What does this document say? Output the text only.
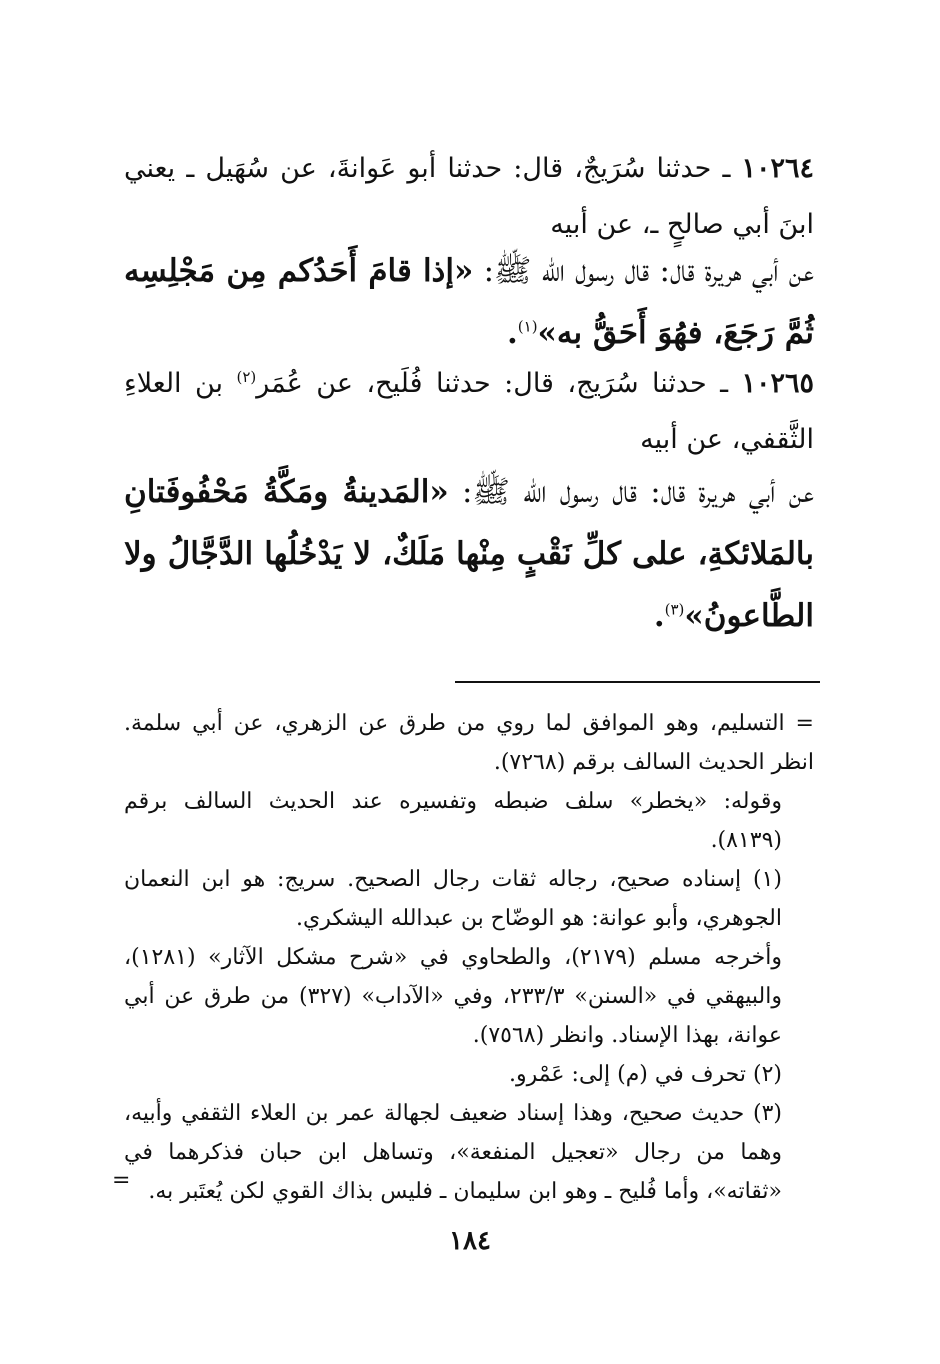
١٠٢٦٤ ـ حدثنا سُرَيجٌ، قال: حدثنا أبو عَوانةَ، عن سُهَيل ـ يعني ابنَ أبي صالحٍ ـ، عن أبيه

عن أبي هريرة قال: قال رسول الله ﷺ: «إذا قامَ أَحَدُكم مِن مَجْلِسِه ثُمَّ رَجَعَ، فهُوَ أَحَقُّ به»$^{(١)}$.

١٠٢٦٥ ـ حدثنا سُرَيج، قال: حدثنا فُلَيح، عن عُمَر$^{(٢)}$ بن العلاءِ الثَّقفي، عن أبيه

عن أبي هريرة قال: قال رسول الله ﷺ: «المَدينةُ ومَكَّةُ مَحْفُوفَتانِ بالمَلائكةِ، على كلِّ نَقْبٍ مِنْها مَلَكٌ، لا يَدْخُلُها الدَّجَّالُ ولا الطَّاعونُ»$^{(٣)}$.

= التسليم، وهو الموافق لما روي من طرق عن الزهري، عن أبي سلمة. انظر الحديث السالف برقم (٧٢٦٨).

وقوله: «يخطر» سلف ضبطه وتفسيره عند الحديث السالف برقم (٨١٣٩).

(١) إسناده صحيح، رجاله ثقات رجال الصحيح. سريج: هو ابن النعمان الجوهري، وأبو عوانة: هو الوضّاح بن عبدالله اليشكري.

وأخرجه مسلم (٢١٧٩)، والطحاوي في «شرح مشكل الآثار» (١٢٨١)، والبيهقي في «السنن» ٢٣٣/٣، وفي «الآداب» (٣٢٧) من طرق عن أبي عوانة، بهذا الإسناد. وانظر (٧٥٦٨).

(٢) تحرف في (م) إلى: عَمْرو.

(٣) حديث صحيح، وهذا إسناد ضعيف لجهالة عمر بن العلاء الثقفي وأبيه، وهما من رجال «تعجيل المنفعة»، وتساهل ابن حبان فذكرهما في «ثقاته»، وأما فُليح ـ وهو ابن سليمان ـ فليس بذاك القوي لكن يُعتَبر به.

=
١٨٤
